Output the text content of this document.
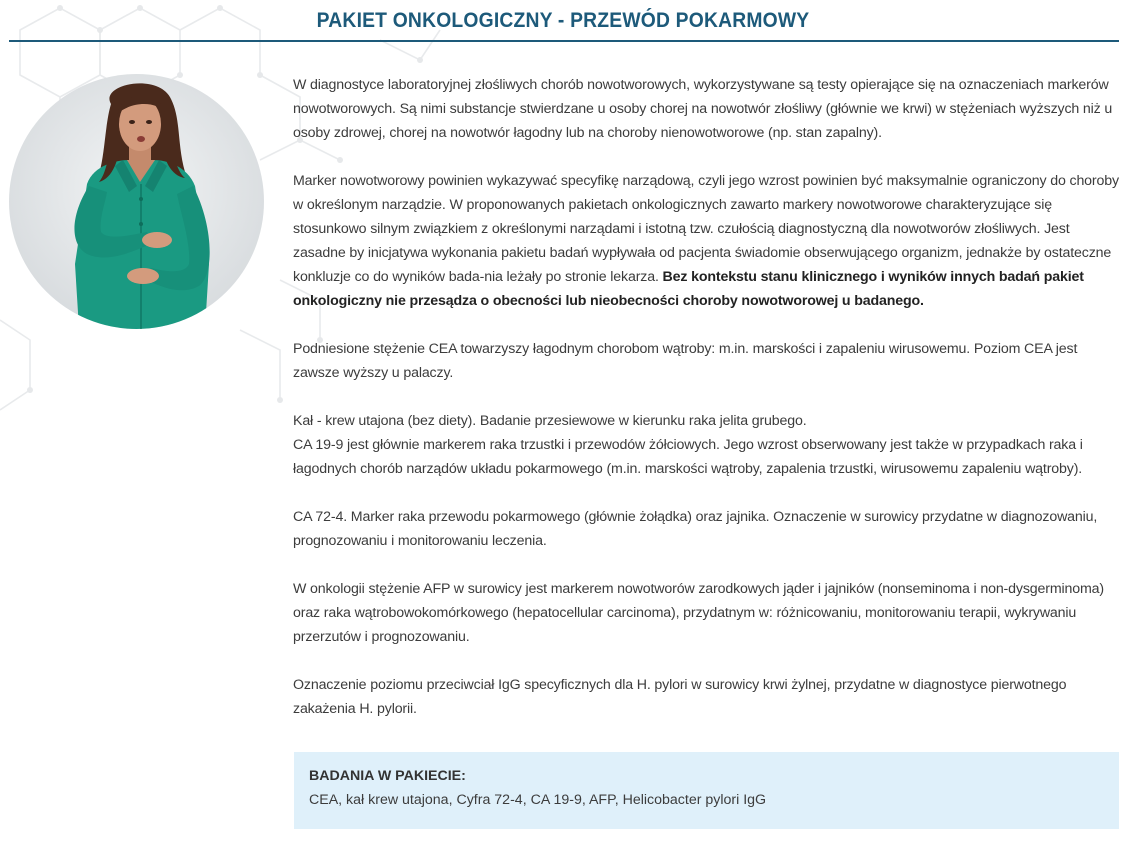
PAKIET ONKOLOGICZNY - PRZEWÓD POKARMOWY

W diagnostyce laboratoryjnej złośliwych chorób nowotworowych, wykorzystywane są testy opierające się na oznaczeniach markerów nowotworowych. Są nimi substancje stwierdzane u osoby chorej na nowotwór złośliwy (głównie we krwi) w stężeniach wyższych niż u osoby zdrowej, chorej na nowotwór łagodny lub na choroby nienowotworowe (np. stan zapalny).

Marker nowotworowy powinien wykazywać specyfikę narządową, czyli jego wzrost powinien być maksymalnie ograniczony do choroby w określonym narządzie. W proponowanych pakietach onkologicznych zawarto markery nowotworowe charakteryzujące się stosunkowo silnym związkiem z określonymi narządami i istotną tzw. czułością diagnostyczną dla nowotworów złośliwych. Jest zasadne by inicjatywa wykonania pakietu badań wypływała od pacjenta świadomie obserwującego organizm, jednakże by ostateczne konkluzje co do wyników bada-nia leżały po stronie lekarza. Bez kontekstu stanu klinicznego i wyników innych badań pakiet onkologiczny nie przesądza o obecności lub nieobecności choroby nowotworowej u badanego.

Podniesione stężenie CEA towarzyszy łagodnym chorobom wątroby: m.in. marskości i zapaleniu wirusowemu. Poziom CEA jest zawsze wyższy u palaczy.

Kał - krew utajona (bez diety). Badanie przesiewowe w kierunku raka jelita grubego.
CA 19-9 jest głównie markerem raka trzustki i przewodów żółciowych. Jego wzrost obserwowany jest także w przypadkach raka i łagodnych chorób narządów układu pokarmowego (m.in. marskości wątroby, zapalenia trzustki, wirusowemu zapaleniu wątroby).

CA 72-4. Marker raka przewodu pokarmowego (głównie żołądka) oraz jajnika. Oznaczenie w surowicy przydatne w diagnozowaniu, prognozowaniu i monitorowaniu leczenia.

W onkologii stężenie AFP w surowicy jest markerem nowotworów zarodkowych jąder i jajników (nonseminoma i non-dysgerminoma) oraz raka wątrobowokomórkowego (hepatocellular carcinoma), przydatnym w: różnicowaniu, monitorowaniu terapii, wykrywaniu przerzutów i prognozowaniu.

Oznaczenie poziomu przeciwciał IgG specyficznych dla H. pylori w surowicy krwi żylnej, przydatne w diagnostyce pierwotnego zakażenia H. pylorii.

BADANIA W PAKIECIE:
CEA, kał krew utajona, Cyfra 72-4, CA 19-9, AFP, Helicobacter pylori IgG
